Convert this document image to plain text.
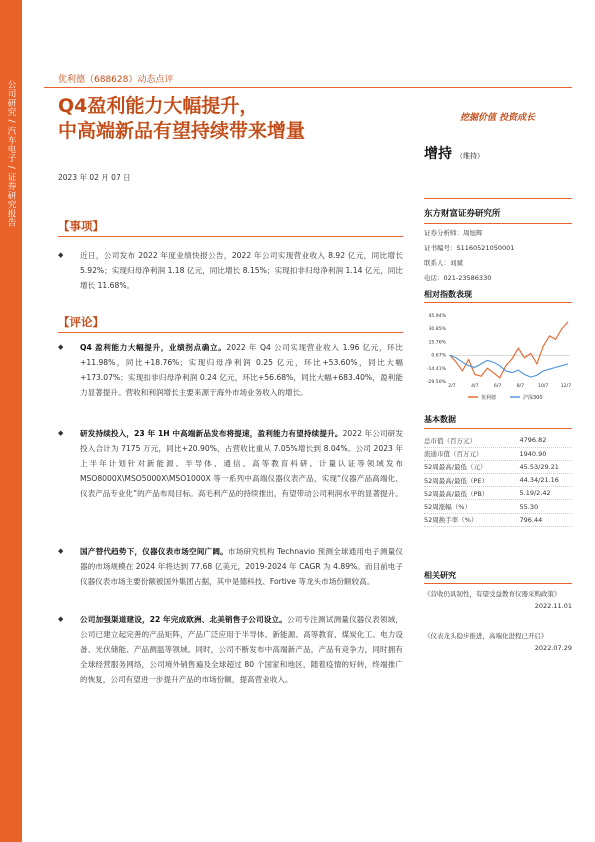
公司研究 / 汽车电子 / 证券研究报告	优利德（688628）动态点评
Q4盈利能力大幅提升，
中高端新品有望持续带来增量
挖掘价值 投资成长
2023 年 02 月 07 日
增持 （维持）
【事项】
◆ 近日，公司发布 2022 年度业绩快报公告，2022 年公司实现营业收入 8.92 亿元，同比增长 5.92%；实现归母净利润 1.18 亿元，同比增长 8.15%；实现扣非归母净利润 1.14 亿元，同比增长 11.68%。
【评论】
◆ Q4 盈利能力大幅提升，业绩拐点确立。2022 年 Q4 公司实现营业收入 1.96 亿元，环比+11.98%，同比+18.76%；实现归母净利润 0.25 亿元，环比+53.60%，同比大幅+173.07%；实现扣非归母净利润 0.24 亿元，环比+56.68%，同比大幅+683.40%，盈利能力显著提升。营收和利润增长主要来源于海外市场业务收入的增长。
◆ 研发持续投入，23 年 1H 中高端新品发布将提速，盈利能力有望持续提升。2022 年公司研发投入合计为 7175 万元，同比+20.90%，占营收比重从 7.05%增长到 8.04%。公司 2023 年上半年计划针对新能源、半导体、通信、高等教育科研、计量认证等领域发布 MSO8000X\MSO5000X\MSO1000X 等一系列中高端仪器仪表产品，实现“仪器产品高端化、仪表产品专业化”的产品布局目标。高毛利产品的持续推出，有望带动公司利润水平的显著提升。
◆ 国产替代趋势下，仪器仪表市场空间广阔。市场研究机构 Technavio 预测全球通用电子测量仪器的市场规模在 2024 年将达到 77.68 亿美元，2019-2024 年 CAGR 为 4.89%。而目前电子仪器仪表市场主要份额被国外集团占据，其中是德科技、Fortive 等龙头市场份额较高。
◆ 公司加强渠道建设，22 年完成欧洲、北美销售子公司设立。公司专注测试测量仪器仪表领域，公司已建立起完善的产品矩阵，产品广泛应用于半导体、新能源、高等教育、煤炭化工、电力设备、光伏储能、产品测温等领域。同时，公司不断发布中高端新产品，产品有竞争力，同时拥有全球经营服务网络，公司境外销售遍及全球超过 80 个国家和地区，随着疫情的好转，终端推广的恢复，公司有望进一步提升产品的市场份额，提高营业收入。
东方财富证券研究所
证券分析师：周旭辉
证书编号：S1160521050001
联系人：刘斌
电话：021-23586330
相对指数表现
45.94%
30.85%
15.76%
0.67%
-14.41%
-29.50%
2/7	4/7	6/7	8/7	10/7	12/7
优利德	沪深300
基本数据
总市值（百万元）	4796.82
流通市值（百万元）	1940.90
52周最高/最低（元）	45.53/29.21
52周最高/最低（PE）	44.34/21.16
52周最高/最低（PB）	5.19/2.42
52周涨幅（%）	55.30
52周换手率（%）	796.44
相关研究
《营收仍具韧性，有望受益教育仪器采购政策》
2022.11.01
《仪表龙头稳步推进，高端化进程已开启》
2022.07.29
